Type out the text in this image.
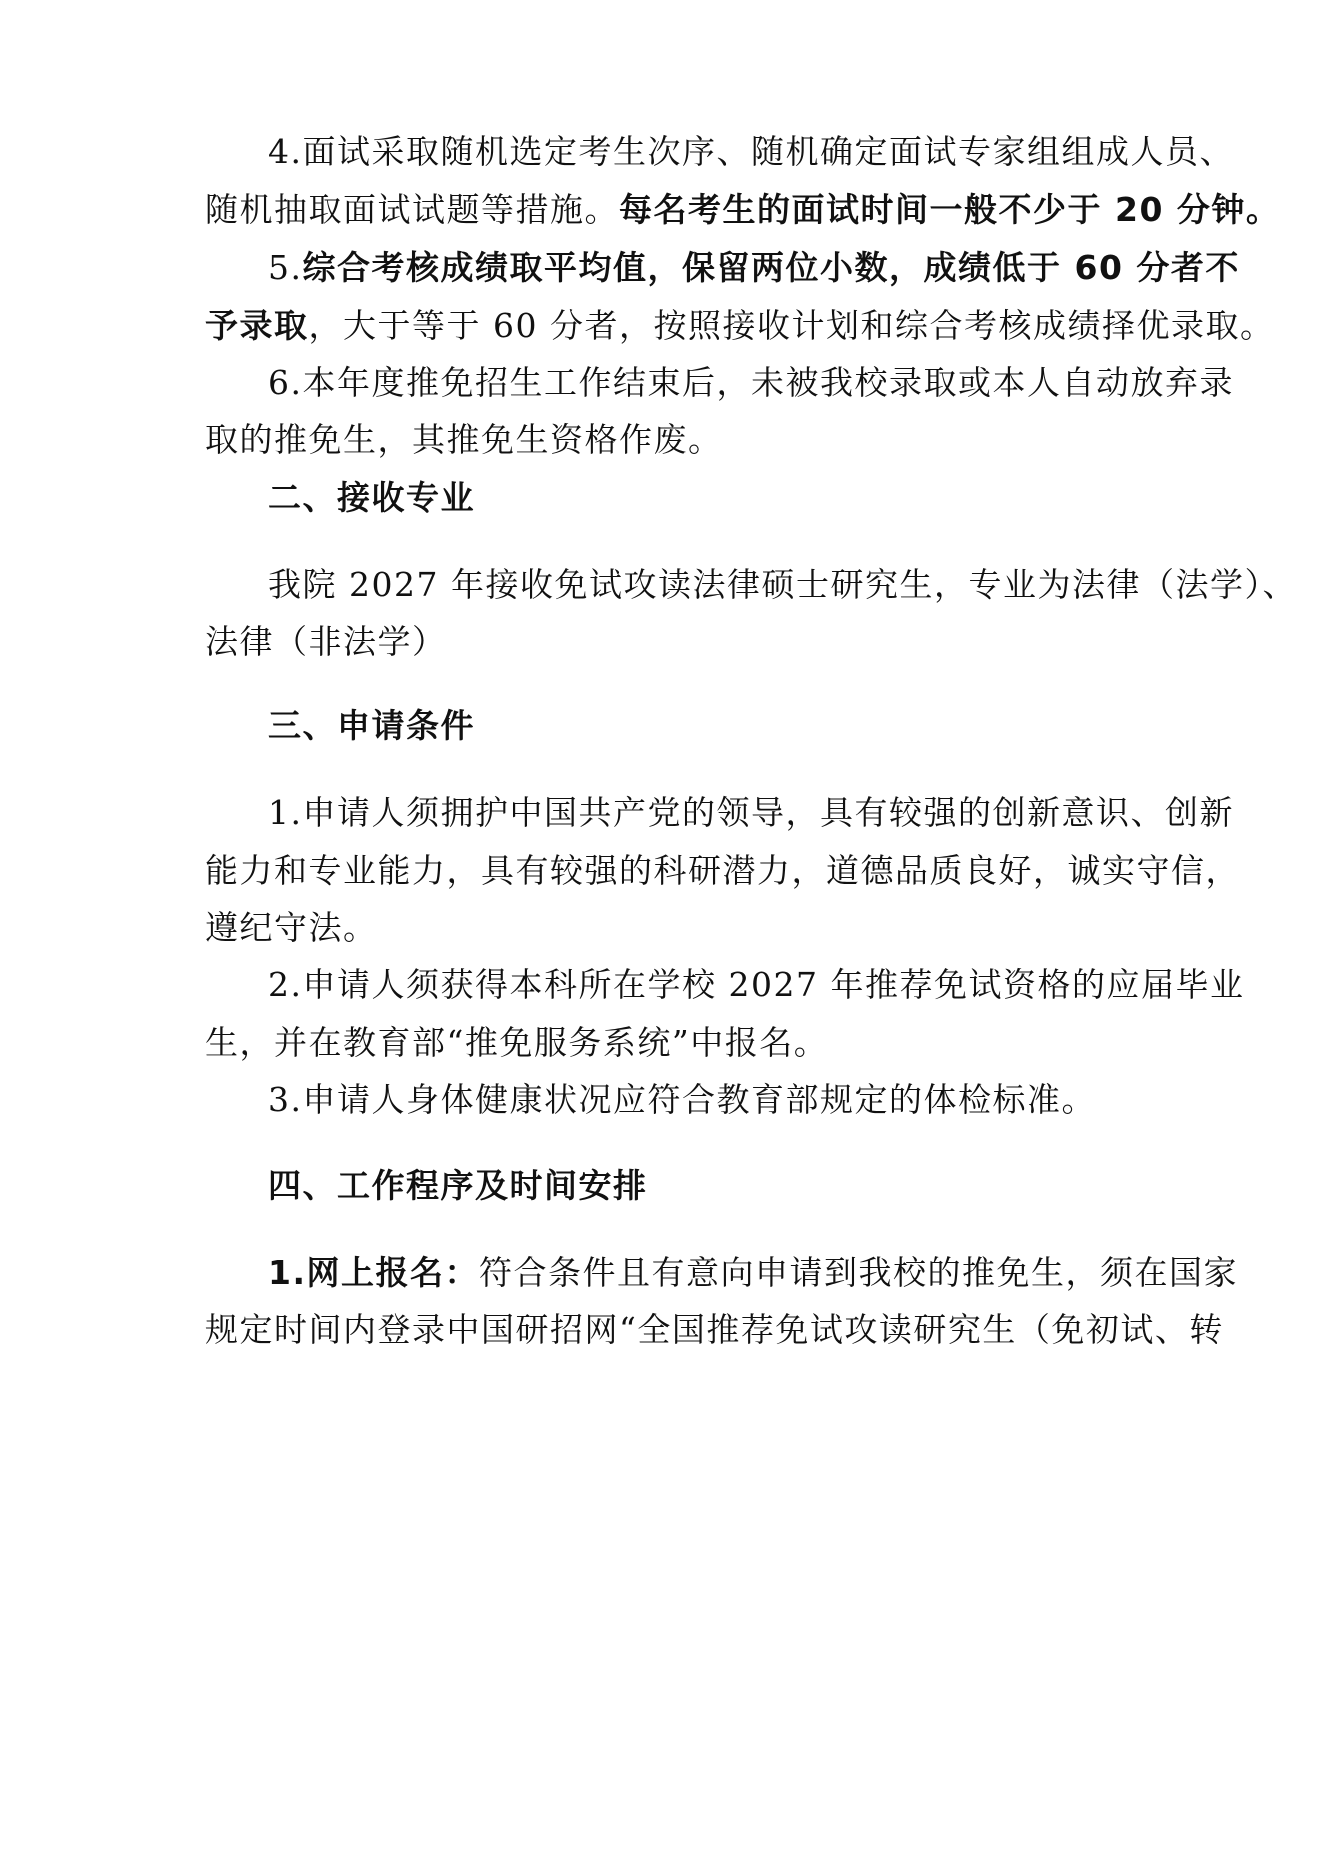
4.面试采取随机选定考生次序、随机确定面试专家组组成人员、
随机抽取面试试题等措施。每名考生的面试时间一般不少于 20 分钟。
5.综合考核成绩取平均值，保留两位小数，成绩低于 60 分者不
予录取，大于等于 60 分者，按照接收计划和综合考核成绩择优录取。
6.本年度推免招生工作结束后，未被我校录取或本人自动放弃录
取的推免生，其推免生资格作废。
二、接收专业
我院 2027 年接收免试攻读法律硕士研究生，专业为法律（法学）、
法律（非法学）
三、申请条件
1.申请人须拥护中国共产党的领导，具有较强的创新意识、创新
能力和专业能力，具有较强的科研潜力，道德品质良好，诚实守信，
遵纪守法。
2.申请人须获得本科所在学校 2027 年推荐免试资格的应届毕业
生，并在教育部“推免服务系统”中报名。
3.申请人身体健康状况应符合教育部规定的体检标准。
四、工作程序及时间安排
1.网上报名：符合条件且有意向申请到我校的推免生，须在国家
规定时间内登录中国研招网“全国推荐免试攻读研究生（免初试、转
